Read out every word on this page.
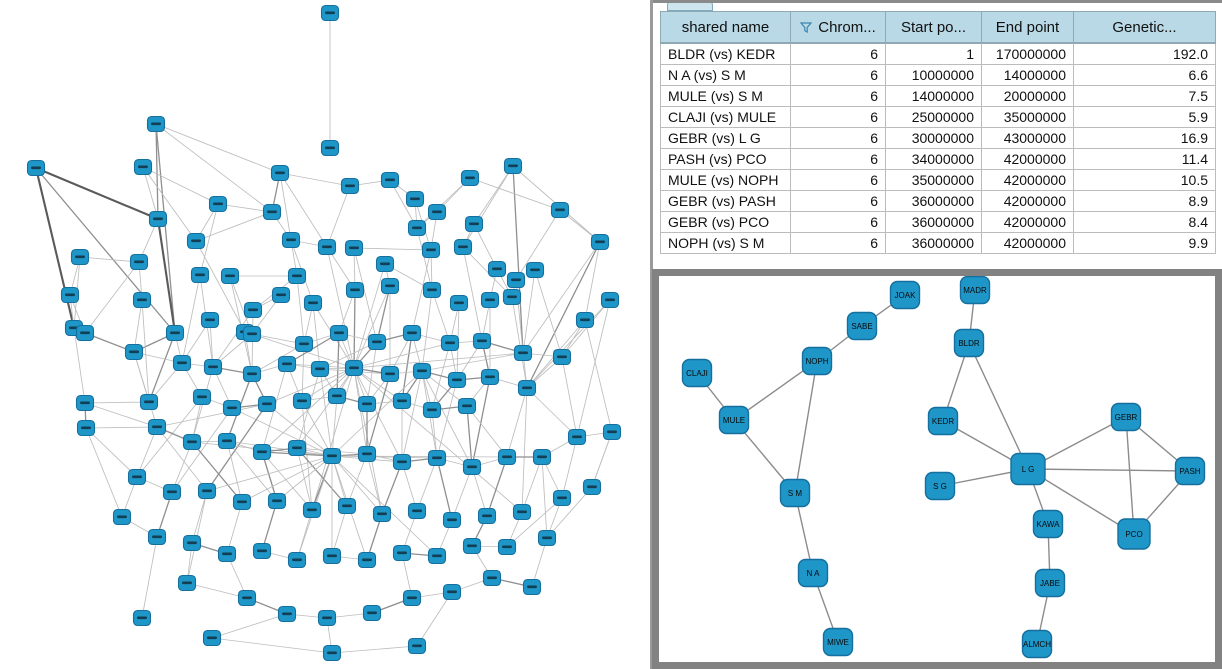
shared name	Chrom...	Start po...	End point	Genetic...
BLDR (vs) KEDR	6	1	170000000	192.0
N A (vs) S M	6	10000000	14000000	6.6
MULE (vs) S M	6	14000000	20000000	7.5
CLAJI (vs) MULE	6	25000000	35000000	5.9
GEBR (vs) L G	6	30000000	43000000	16.9
PASH (vs) PCO	6	34000000	42000000	11.4
MULE (vs) NOPH	6	35000000	42000000	10.5
GEBR (vs) PASH	6	36000000	42000000	8.9
GEBR (vs) PCO	6	36000000	42000000	8.4
NOPH (vs) S M	6	36000000	42000000	9.9
JOAK
MADR
SABE
NOPH
CLAJI
BLDR
MULE	KEDR	GEBR
S G
L G	PASH
KAWA
PCO
S M
N A
JABE
MIWE	ALMCH
